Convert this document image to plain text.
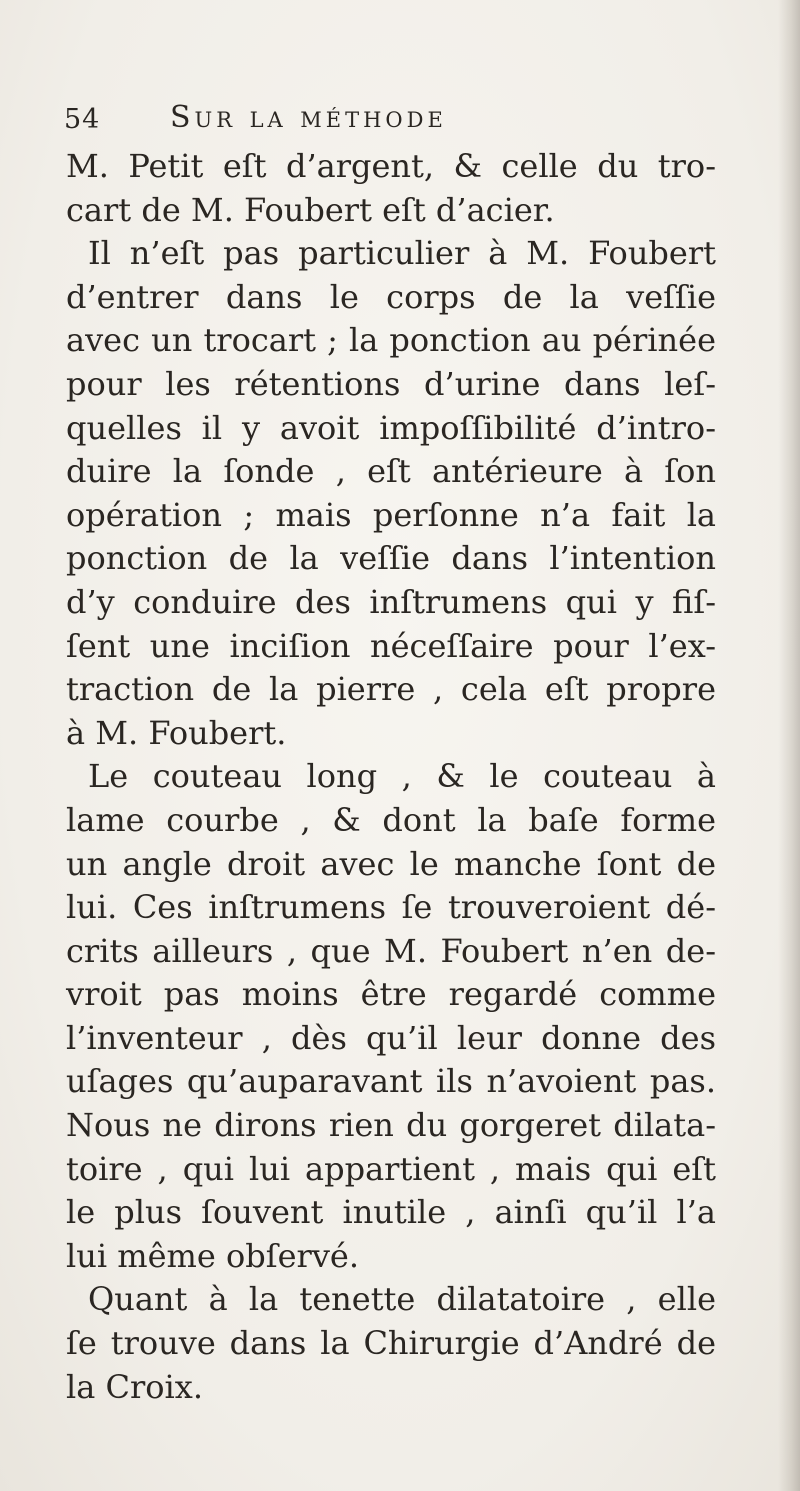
54 Sur la méthode
M. Petit eſt d’argent, & celle du tro-
cart de M. Foubert eſt d’acier.
Il n’eſt pas particulier à M. Foubert
d’entrer dans le corps de la veſſie
avec un trocart ; la ponction au périnée
pour les rétentions d’urine dans leſ-
quelles il y avoit impoſſibilité d’intro-
duire la ſonde , eſt antérieure à ſon
opération ; mais perſonne n’a fait la
ponction de la veſſie dans l’intention
d’y conduire des inſtrumens qui y fiſ-
ſent une inciſion néceſſaire pour l’ex-
traction de la pierre , cela eſt propre
à M. Foubert.
Le couteau long , & le couteau à
lame courbe , & dont la baſe forme
un angle droit avec le manche ſont de
lui. Ces inſtrumens ſe trouveroient dé-
crits ailleurs , que M. Foubert n’en de-
vroit pas moins être regardé comme
l’inventeur , dès qu’il leur donne des
uſages qu’auparavant ils n’avoient pas.
Nous ne dirons rien du gorgeret dilata-
toire , qui lui appartient , mais qui eſt
le plus ſouvent inutile , ainſi qu’il l’a
lui même obſervé.
Quant à la tenette dilatatoire , elle
ſe trouve dans la Chirurgie d’André de
la Croix.
